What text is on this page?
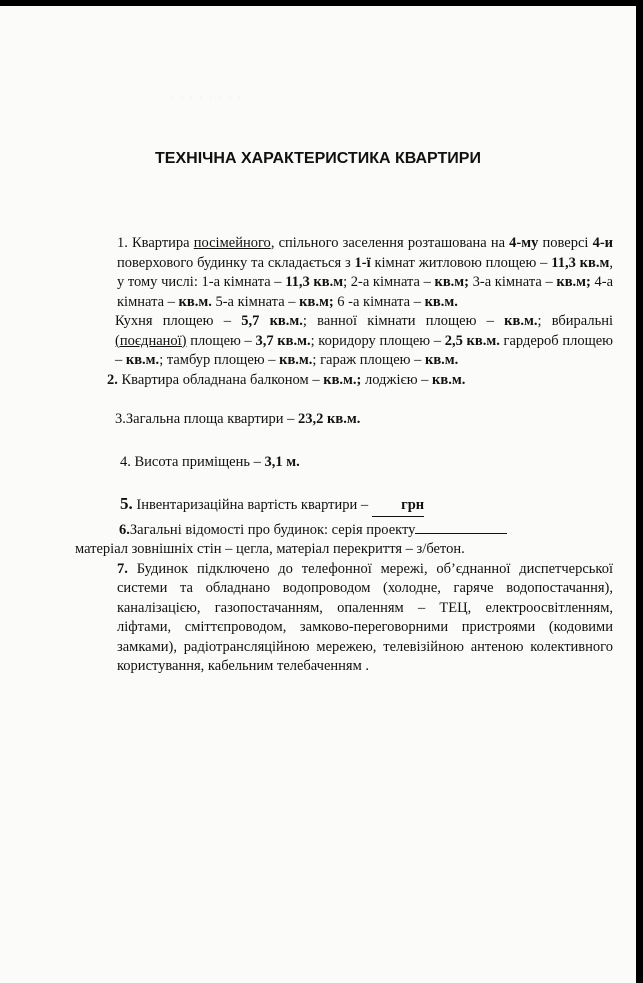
· · · · · · · ·
ТЕХНІЧНА ХАРАКТЕРИСТИКА КВАРТИРИ
1. Квартира посімейного, спільного заселення розташована на 4-му поверсі 4-и поверхового будинку та складається з 1-ї кімнат житловою площею – 11,3 кв.м, у тому числі: 1-а кімната – 11,3 кв.м; 2-а кімната – кв.м; 3-а кімната – кв.м; 4-а кімната – кв.м. 5-а кімната – кв.м; 6 -а кімната – кв.м.
Кухня площею – 5,7 кв.м.; ванної кімнати площею – кв.м.; вбиральні (поєднаної) площею – 3,7 кв.м.; коридору площею – 2,5 кв.м. гардероб площею – кв.м.; тамбур площею – кв.м.; гараж площею – кв.м.
2. Квартира обладнана балконом – кв.м.; лоджією – кв.м.
3.Загальна площа квартири – 23,2 кв.м.
4. Висота приміщень – 3,1 м.
5. Інвентаризаційна вартість квартири – грн
6.Загальні відомості про будинок: серія проекту
матеріал зовнішніх стін – цегла, матеріал перекриття – з/бетон.
7. Будинок підключено до телефонної мережі, об’єднанної диспетчерської системи та обладнано водопроводом (холодне, гаряче водопостачання), каналізацією, газопостачанням, опаленням – ТЕЦ, електроосвітленням, ліфтами, сміттєпроводом, замково-переговорними пристроями (кодовими замками), радіотрансляційною мережею, телевізійною антеною колективного користування, кабельним телебаченням .
